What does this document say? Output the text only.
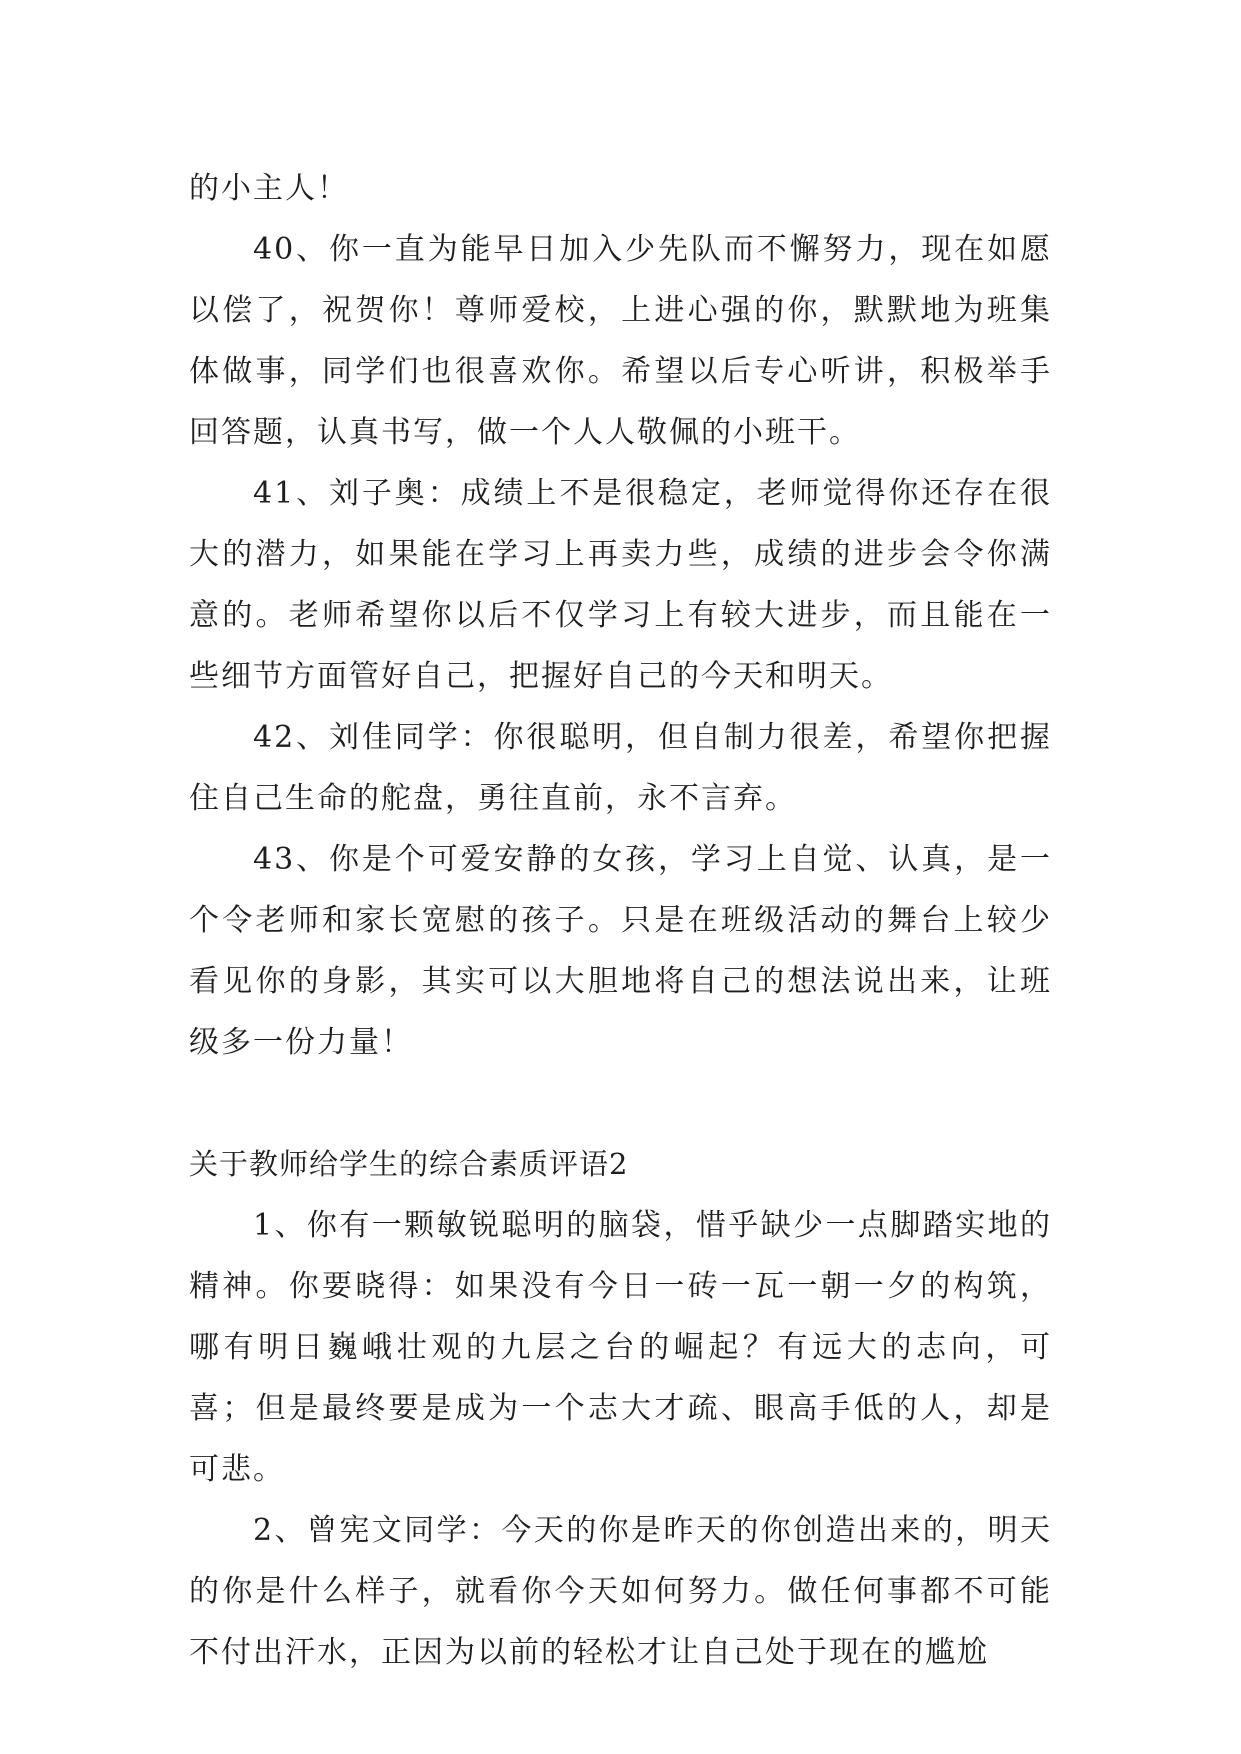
的小主人！

40、你一直为能早日加入少先队而不懈努力，现在如愿以偿了，祝贺你！尊师爱校，上进心强的你，默默地为班集体做事，同学们也很喜欢你。希望以后专心听讲，积极举手回答题，认真书写，做一个人人敬佩的小班干。

41、刘子奥：成绩上不是很稳定，老师觉得你还存在很大的潜力，如果能在学习上再卖力些，成绩的进步会令你满意的。老师希望你以后不仅学习上有较大进步，而且能在一些细节方面管好自己，把握好自己的今天和明天。

42、刘佳同学：你很聪明，但自制力很差，希望你把握住自己生命的舵盘，勇往直前，永不言弃。

43、你是个可爱安静的女孩，学习上自觉、认真，是一个令老师和家长宽慰的孩子。只是在班级活动的舞台上较少看见你的身影，其实可以大胆地将自己的想法说出来，让班级多一份力量！

关于教师给学生的综合素质评语2

1、你有一颗敏锐聪明的脑袋，惜乎缺少一点脚踏实地的精神。你要晓得：如果没有今日一砖一瓦一朝一夕的构筑，哪有明日巍峨壮观的九层之台的崛起？有远大的志向，可喜；但是最终要是成为一个志大才疏、眼高手低的人，却是可悲。

2、曾宪文同学：今天的你是昨天的你创造出来的，明天的你是什么样子，就看你今天如何努力。做任何事都不可能不付出汗水，正因为以前的轻松才让自己处于现在的尴尬
